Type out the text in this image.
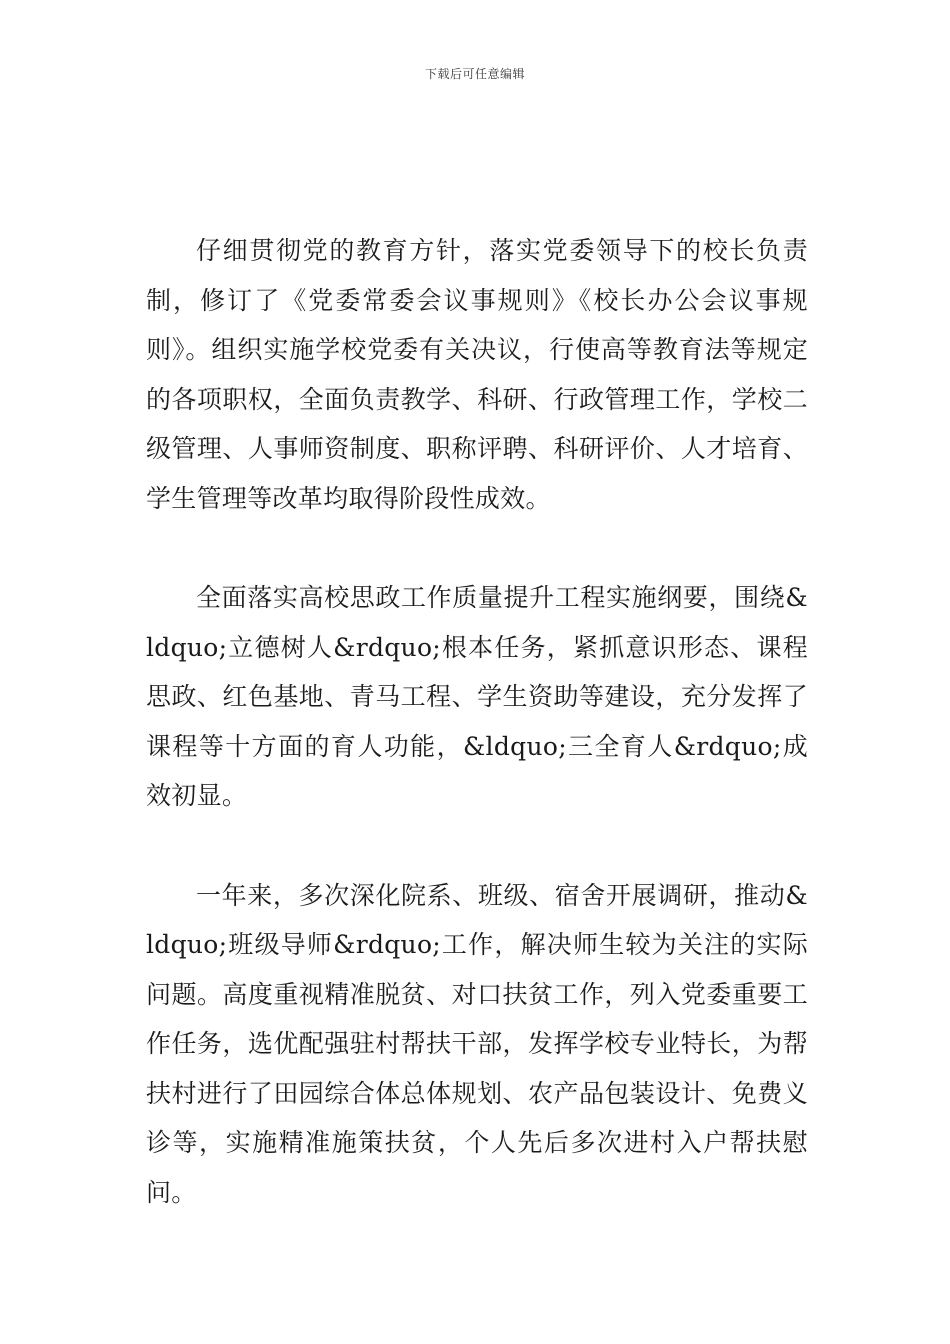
下载后可任意编辑

仔细贯彻党的教育方针，落实党委领导下的校长负责制，修订了《党委常委会议事规则》《校长办公会议事规则》。组织实施学校党委有关决议，行使高等教育法等规定的各项职权，全面负责教学、科研、行政管理工作，学校二级管理、人事师资制度、职称评聘、科研评价、人才培育、学生管理等改革均取得阶段性成效。

全面落实高校思政工作质量提升工程实施纲要，围绕&ldquo;立德树人&rdquo;根本任务，紧抓意识形态、课程思政、红色基地、青马工程、学生资助等建设，充分发挥了课程等十方面的育人功能，&ldquo;三全育人&rdquo;成效初显。

一年来，多次深化院系、班级、宿舍开展调研，推动&ldquo;班级导师&rdquo;工作，解决师生较为关注的实际问题。高度重视精准脱贫、对口扶贫工作，列入党委重要工作任务，选优配强驻村帮扶干部，发挥学校专业特长，为帮扶村进行了田园综合体总体规划、农产品包装设计、免费义诊等，实施精准施策扶贫，个人先后多次进村入户帮扶慰问。
